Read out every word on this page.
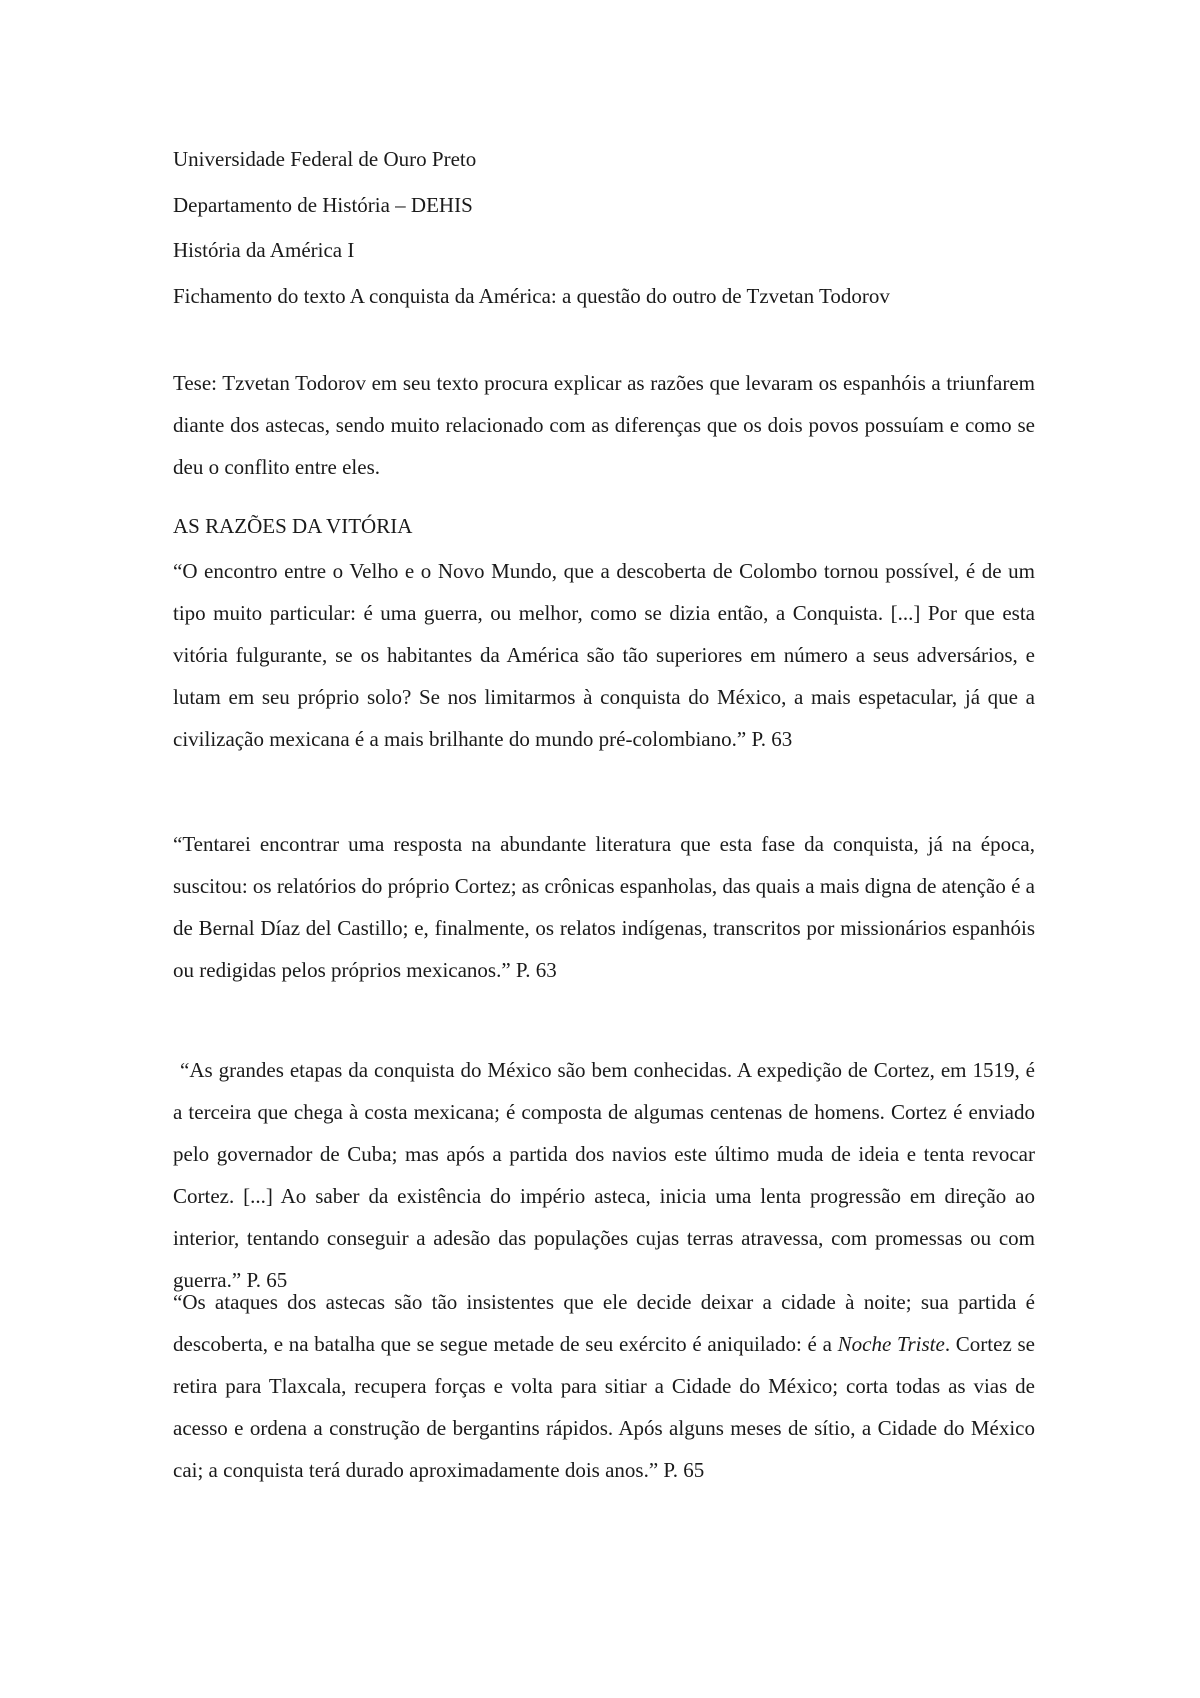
Universidade Federal de Ouro Preto

Departamento de História – DEHIS

História da América I

Fichamento do texto A conquista da América: a questão do outro de Tzvetan Todorov

Tese: Tzvetan Todorov em seu texto procura explicar as razões que levaram os espanhóis a triunfarem diante dos astecas, sendo muito relacionado com as diferenças que os dois povos possuíam e como se deu o conflito entre eles.

AS RAZÕES DA VITÓRIA

“O encontro entre o Velho e o Novo Mundo, que a descoberta de Colombo tornou possível, é de um tipo muito particular: é uma guerra, ou melhor, como se dizia então, a Conquista. [...] Por que esta vitória fulgurante, se os habitantes da América são tão superiores em número a seus adversários, e lutam em seu próprio solo? Se nos limitarmos à conquista do México, a mais espetacular, já que a civilização mexicana é a mais brilhante do mundo pré-colombiano.” P. 63

“Tentarei encontrar uma resposta na abundante literatura que esta fase da conquista, já na época, suscitou: os relatórios do próprio Cortez; as crônicas espanholas, das quais a mais digna de atenção é a de Bernal Díaz del Castillo; e, finalmente, os relatos indígenas, transcritos por missionários espanhóis ou redigidas pelos próprios mexicanos.” P. 63

“As grandes etapas da conquista do México são bem conhecidas. A expedição de Cortez, em 1519, é a terceira que chega à costa mexicana; é composta de algumas centenas de homens. Cortez é enviado pelo governador de Cuba; mas após a partida dos navios este último muda de ideia e tenta revocar Cortez. [...] Ao saber da existência do império asteca, inicia uma lenta progressão em direção ao interior, tentando conseguir a adesão das populações cujas terras atravessa, com promessas ou com guerra.” P. 65

“Os ataques dos astecas são tão insistentes que ele decide deixar a cidade à noite; sua partida é descoberta, e na batalha que se segue metade de seu exército é aniquilado: é a Noche Triste. Cortez se retira para Tlaxcala, recupera forças e volta para sitiar a Cidade do México; corta todas as vias de acesso e ordena a construção de bergantins rápidos. Após alguns meses de sítio, a Cidade do México cai; a conquista terá durado aproximadamente dois anos.” P. 65
